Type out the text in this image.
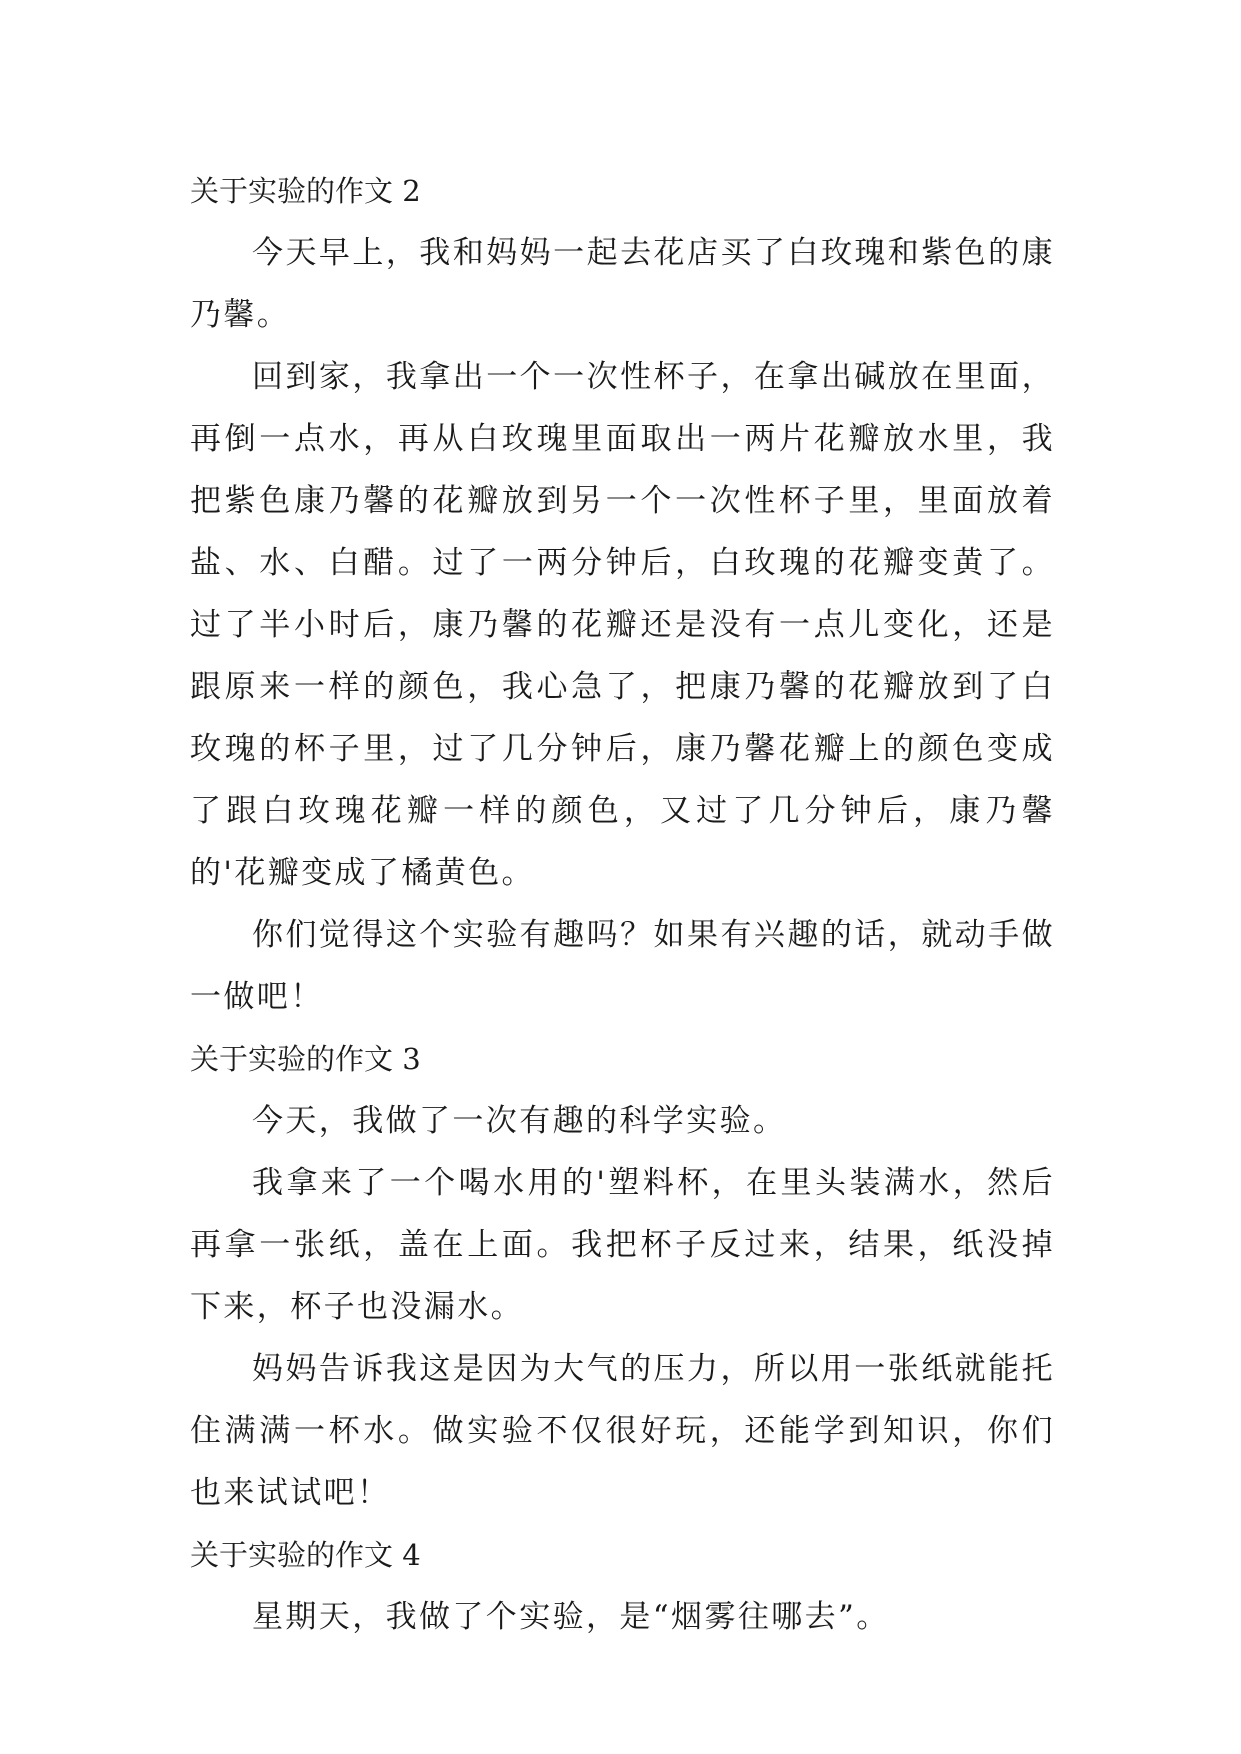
关于实验的作文 2

今天早上，我和妈妈一起去花店买了白玫瑰和紫色的康乃馨。

回到家，我拿出一个一次性杯子，在拿出碱放在里面，再倒一点水，再从白玫瑰里面取出一两片花瓣放水里，我把紫色康乃馨的花瓣放到另一个一次性杯子里，里面放着盐、水、白醋。过了一两分钟后，白玫瑰的花瓣变黄了。过了半小时后，康乃馨的花瓣还是没有一点儿变化，还是跟原来一样的颜色，我心急了，把康乃馨的花瓣放到了白玫瑰的杯子里，过了几分钟后，康乃馨花瓣上的颜色变成了跟白玫瑰花瓣一样的颜色，又过了几分钟后，康乃馨的'花瓣变成了橘黄色。

你们觉得这个实验有趣吗？如果有兴趣的话，就动手做一做吧！

关于实验的作文 3

今天，我做了一次有趣的科学实验。

我拿来了一个喝水用的'塑料杯，在里头装满水，然后再拿一张纸，盖在上面。我把杯子反过来，结果，纸没掉下来，杯子也没漏水。

妈妈告诉我这是因为大气的压力，所以用一张纸就能托住满满一杯水。做实验不仅很好玩，还能学到知识，你们也来试试吧！

关于实验的作文 4

星期天，我做了个实验，是“烟雾往哪去”。
